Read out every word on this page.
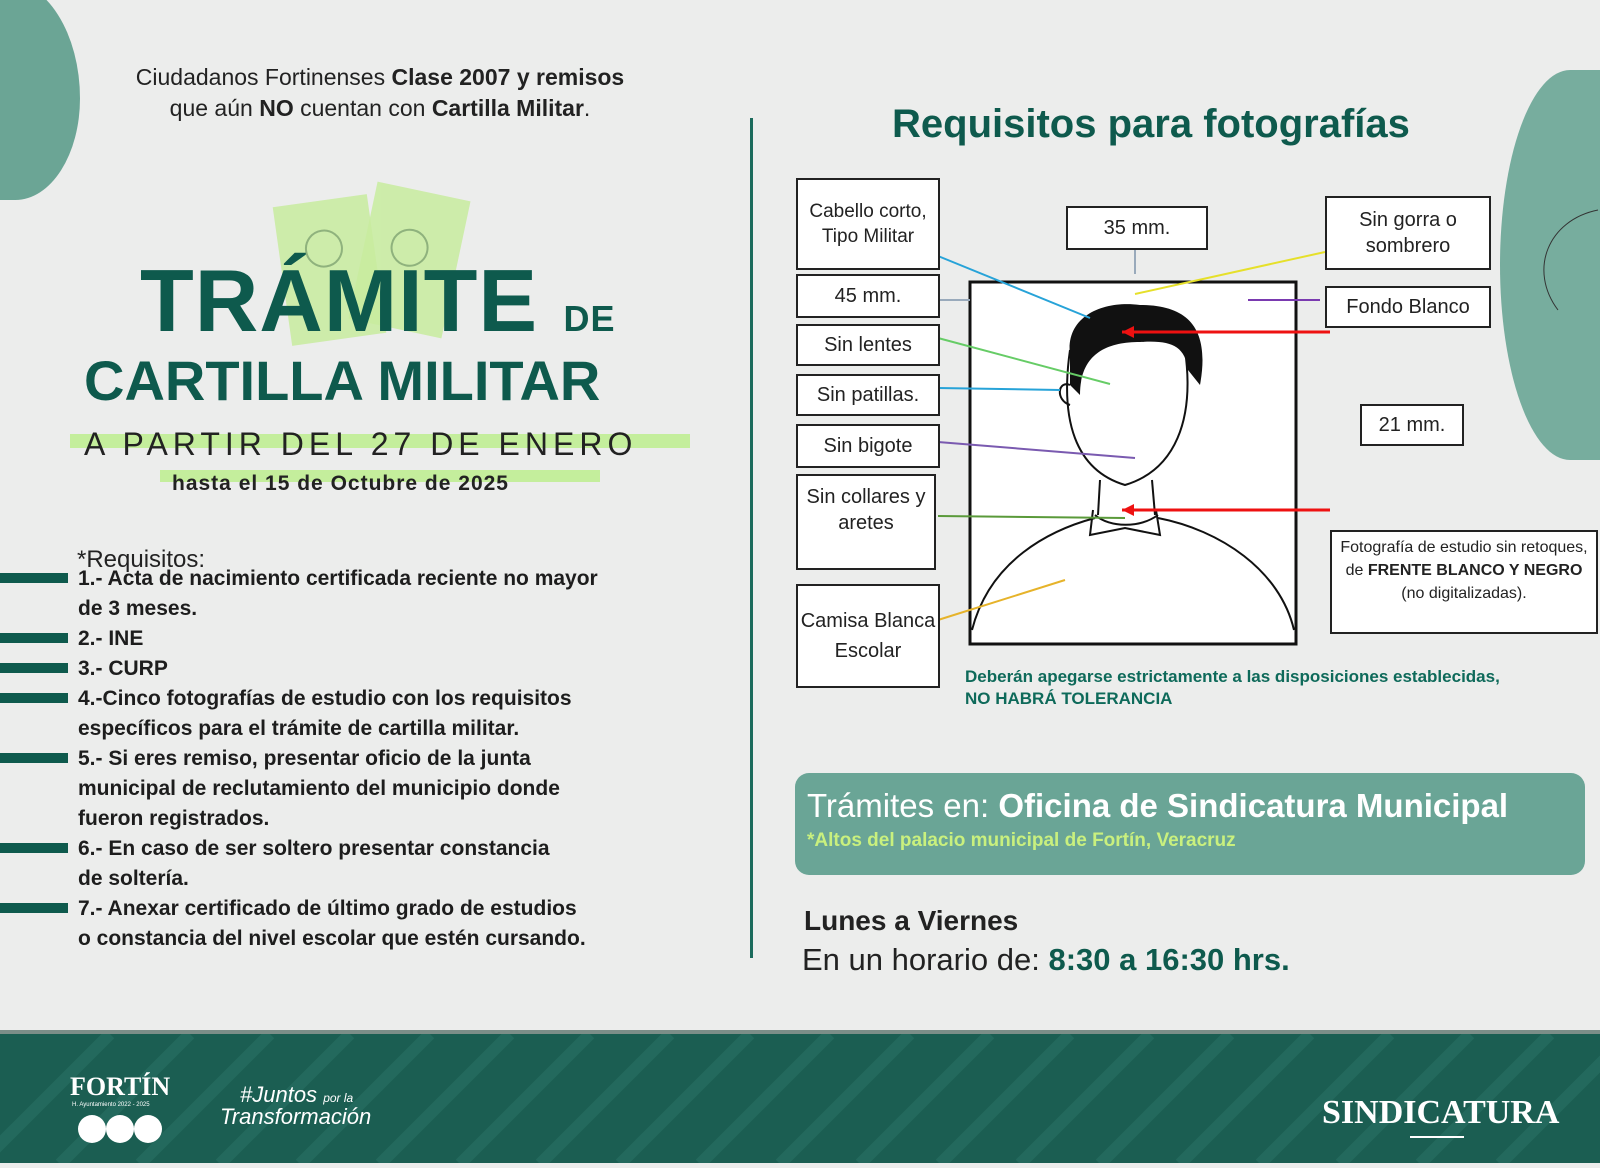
Ciudadanos Fortinenses Clase 2007 y remisos
que aún NO cuentan con Cartilla Militar.
TRÁMITE DE
CARTILLA MILITAR
A PARTIR DEL 27 DE ENERO
hasta el 15 de Octubre de 2025
*Requisitos:
1.- Acta de nacimiento certificada reciente no mayor
de 3 meses.
2.- INE
3.- CURP
4.-Cinco fotografías de estudio con los requisitos
específicos para el trámite de cartilla militar.
5.- Si eres remiso, presentar oficio de la junta
municipal de reclutamiento del municipio donde
fueron registrados.
6.- En caso de ser soltero presentar constancia
de soltería.
7.- Anexar certificado de último grado de estudios
o constancia del nivel escolar que estén cursando.
Requisitos para fotografías
Cabello corto, Tipo Militar
45 mm.
Sin lentes
Sin patillas.
Sin bigote
Sin collares y aretes
Camisa Blanca Escolar
35 mm.	Sin gorra o sombrero
Fondo Blanco
21 mm.
Fotografía de estudio sin retoques, de FRENTE BLANCO Y NEGRO
(no digitalizadas).
Deberán apegarse estrictamente a las disposiciones establecidas,
NO HABRÁ TOLERANCIA
Trámites en: Oficina de Sindicatura Municipal
*Altos del palacio municipal de Fortín, Veracruz
Lunes a Viernes
En un horario de: 8:30 a 16:30 hrs.
FORTÍN
H. Ayuntamiento 2022 - 2025	#Juntos por la
Transformación	SINDICATURA
